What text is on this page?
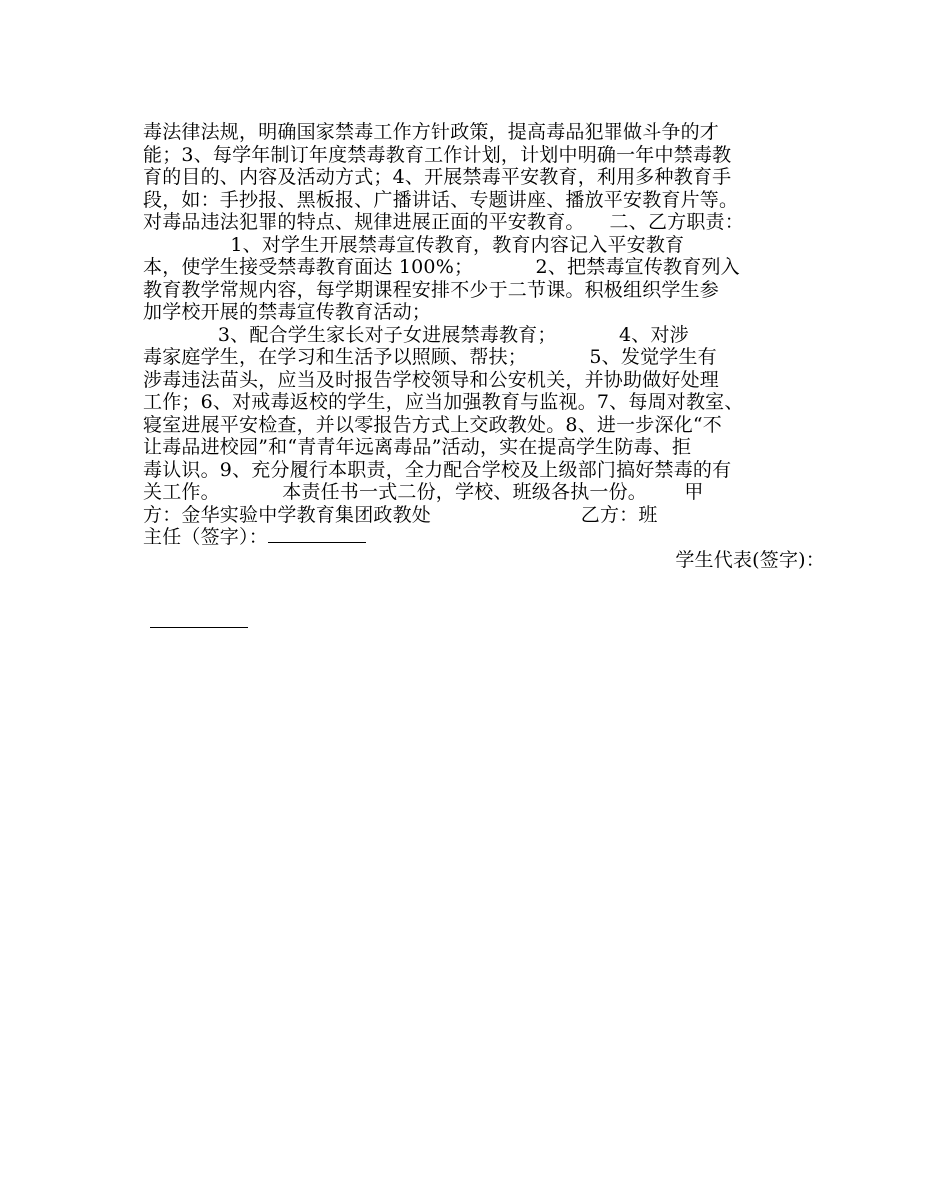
毒法律法规，明确国家禁毒工作方针政策，提高毒品犯罪做斗争的才
能；3、每学年制订年度禁毒教育工作计划，计划中明确一年中禁毒教
育的目的、内容及活动方式；4、开展禁毒平安教育，利用多种教育手
段，如：手抄报、黑板报、广播讲话、专题讲座、播放平安教育片等。
对毒品违法犯罪的特点、规律进展正面的平安教育。    二、乙方职责：
1、对学生开展禁毒宣传教育，教育内容记入平安教育
本，使学生接受禁毒教育面达 100%；          2、把禁毒宣传教育列入
教育教学常规内容，每学期课程安排不少于二节课。积极组织学生参
加学校开展的禁毒宣传教育活动；
3、配合学生家长对子女进展禁毒教育；          4、对涉
毒家庭学生，在学习和生活予以照顾、帮扶；          5、发觉学生有
涉毒违法苗头，应当及时报告学校领导和公安机关，并协助做好处理
工作；6、对戒毒返校的学生，应当加强教育与监视。7、每周对教室、
寝室进展平安检查，并以零报告方式上交政教处。8、进一步深化“不
让毒品进校园”和“青青年远离毒品”活动，实在提高学生防毒、拒
毒认识。9、充分履行本职责，全力配合学校及上级部门搞好禁毒的有
关工作。          本责任书一式二份，学校、班级各执一份。      甲
方：金华实验中学教育集团政教处                        乙方：班
主任（签字）：
学生代表(签字)：
